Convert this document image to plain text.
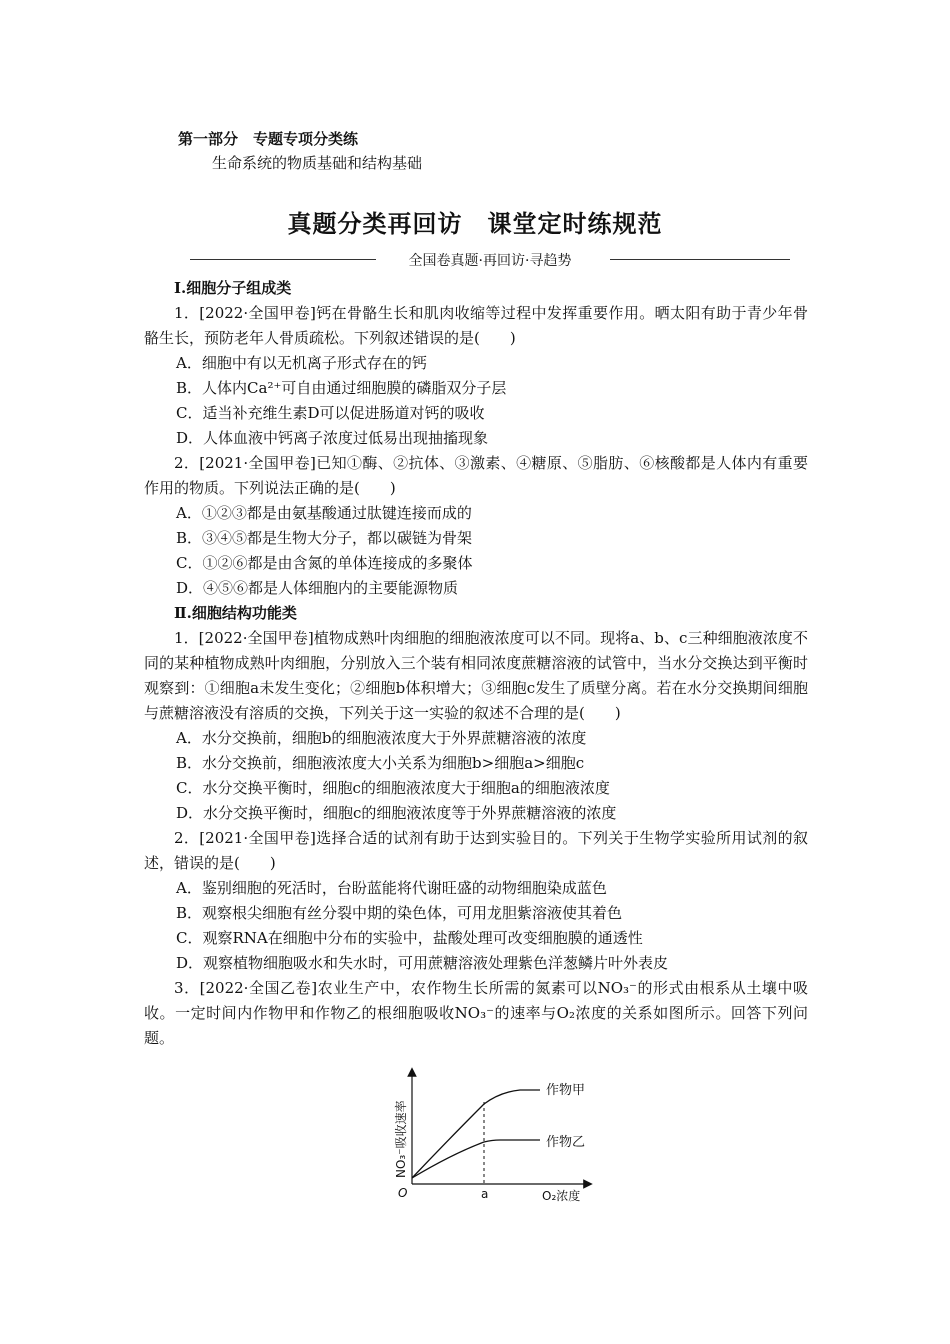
第一部分　专题专项分类练
生命系统的物质基础和结构基础
真题分类再回访　课堂定时练规范
全国卷真题·再回访·寻趋势

Ⅰ.细胞分子组成类

1．[2022·全国甲卷]钙在骨骼生长和肌肉收缩等过程中发挥重要作用。晒太阳有助于青少年骨骼生长，预防老年人骨质疏松。下列叙述错误的是(　　)

A．细胞中有以无机离子形式存在的钙

B．人体内Ca²⁺可自由通过细胞膜的磷脂双分子层

C．适当补充维生素D可以促进肠道对钙的吸收

D．人体血液中钙离子浓度过低易出现抽搐现象

2．[2021·全国甲卷]已知①酶、②抗体、③激素、④糖原、⑤脂肪、⑥核酸都是人体内有重要作用的物质。下列说法正确的是(　　)

A．①②③都是由氨基酸通过肽键连接而成的

B．③④⑤都是生物大分子，都以碳链为骨架

C．①②⑥都是由含氮的单体连接成的多聚体

D．④⑤⑥都是人体细胞内的主要能源物质

Ⅱ.细胞结构功能类

1．[2022·全国甲卷]植物成熟叶肉细胞的细胞液浓度可以不同。现将a、b、c三种细胞液浓度不同的某种植物成熟叶肉细胞，分别放入三个装有相同浓度蔗糖溶液的试管中，当水分交换达到平衡时观察到：①细胞a未发生变化；②细胞b体积增大；③细胞c发生了质壁分离。若在水分交换期间细胞与蔗糖溶液没有溶质的交换，下列关于这一实验的叙述不合理的是(　　)

A．水分交换前，细胞b的细胞液浓度大于外界蔗糖溶液的浓度

B．水分交换前，细胞液浓度大小关系为细胞b>细胞a>细胞c

C．水分交换平衡时，细胞c的细胞液浓度大于细胞a的细胞液浓度

D．水分交换平衡时，细胞c的细胞液浓度等于外界蔗糖溶液的浓度

2．[2021·全国甲卷]选择合适的试剂有助于达到实验目的。下列关于生物学实验所用试剂的叙述，错误的是(　　)

A．鉴别细胞的死活时，台盼蓝能将代谢旺盛的动物细胞染成蓝色

B．观察根尖细胞有丝分裂中期的染色体，可用龙胆紫溶液使其着色

C．观察RNA在细胞中分布的实验中，盐酸处理可改变细胞膜的通透性

D．观察植物细胞吸水和失水时，可用蔗糖溶液处理紫色洋葱鳞片叶外表皮

3．[2022·全国乙卷]农业生产中，农作物生长所需的氮素可以NO₃⁻的形式由根系从土壤中吸收。一定时间内作物甲和作物乙的根细胞吸收NO₃⁻的速率与O₂浓度的关系如图所示。回答下列问题。

作物甲
作物乙
O	a	O₂浓度
NO₃⁻吸收速率
